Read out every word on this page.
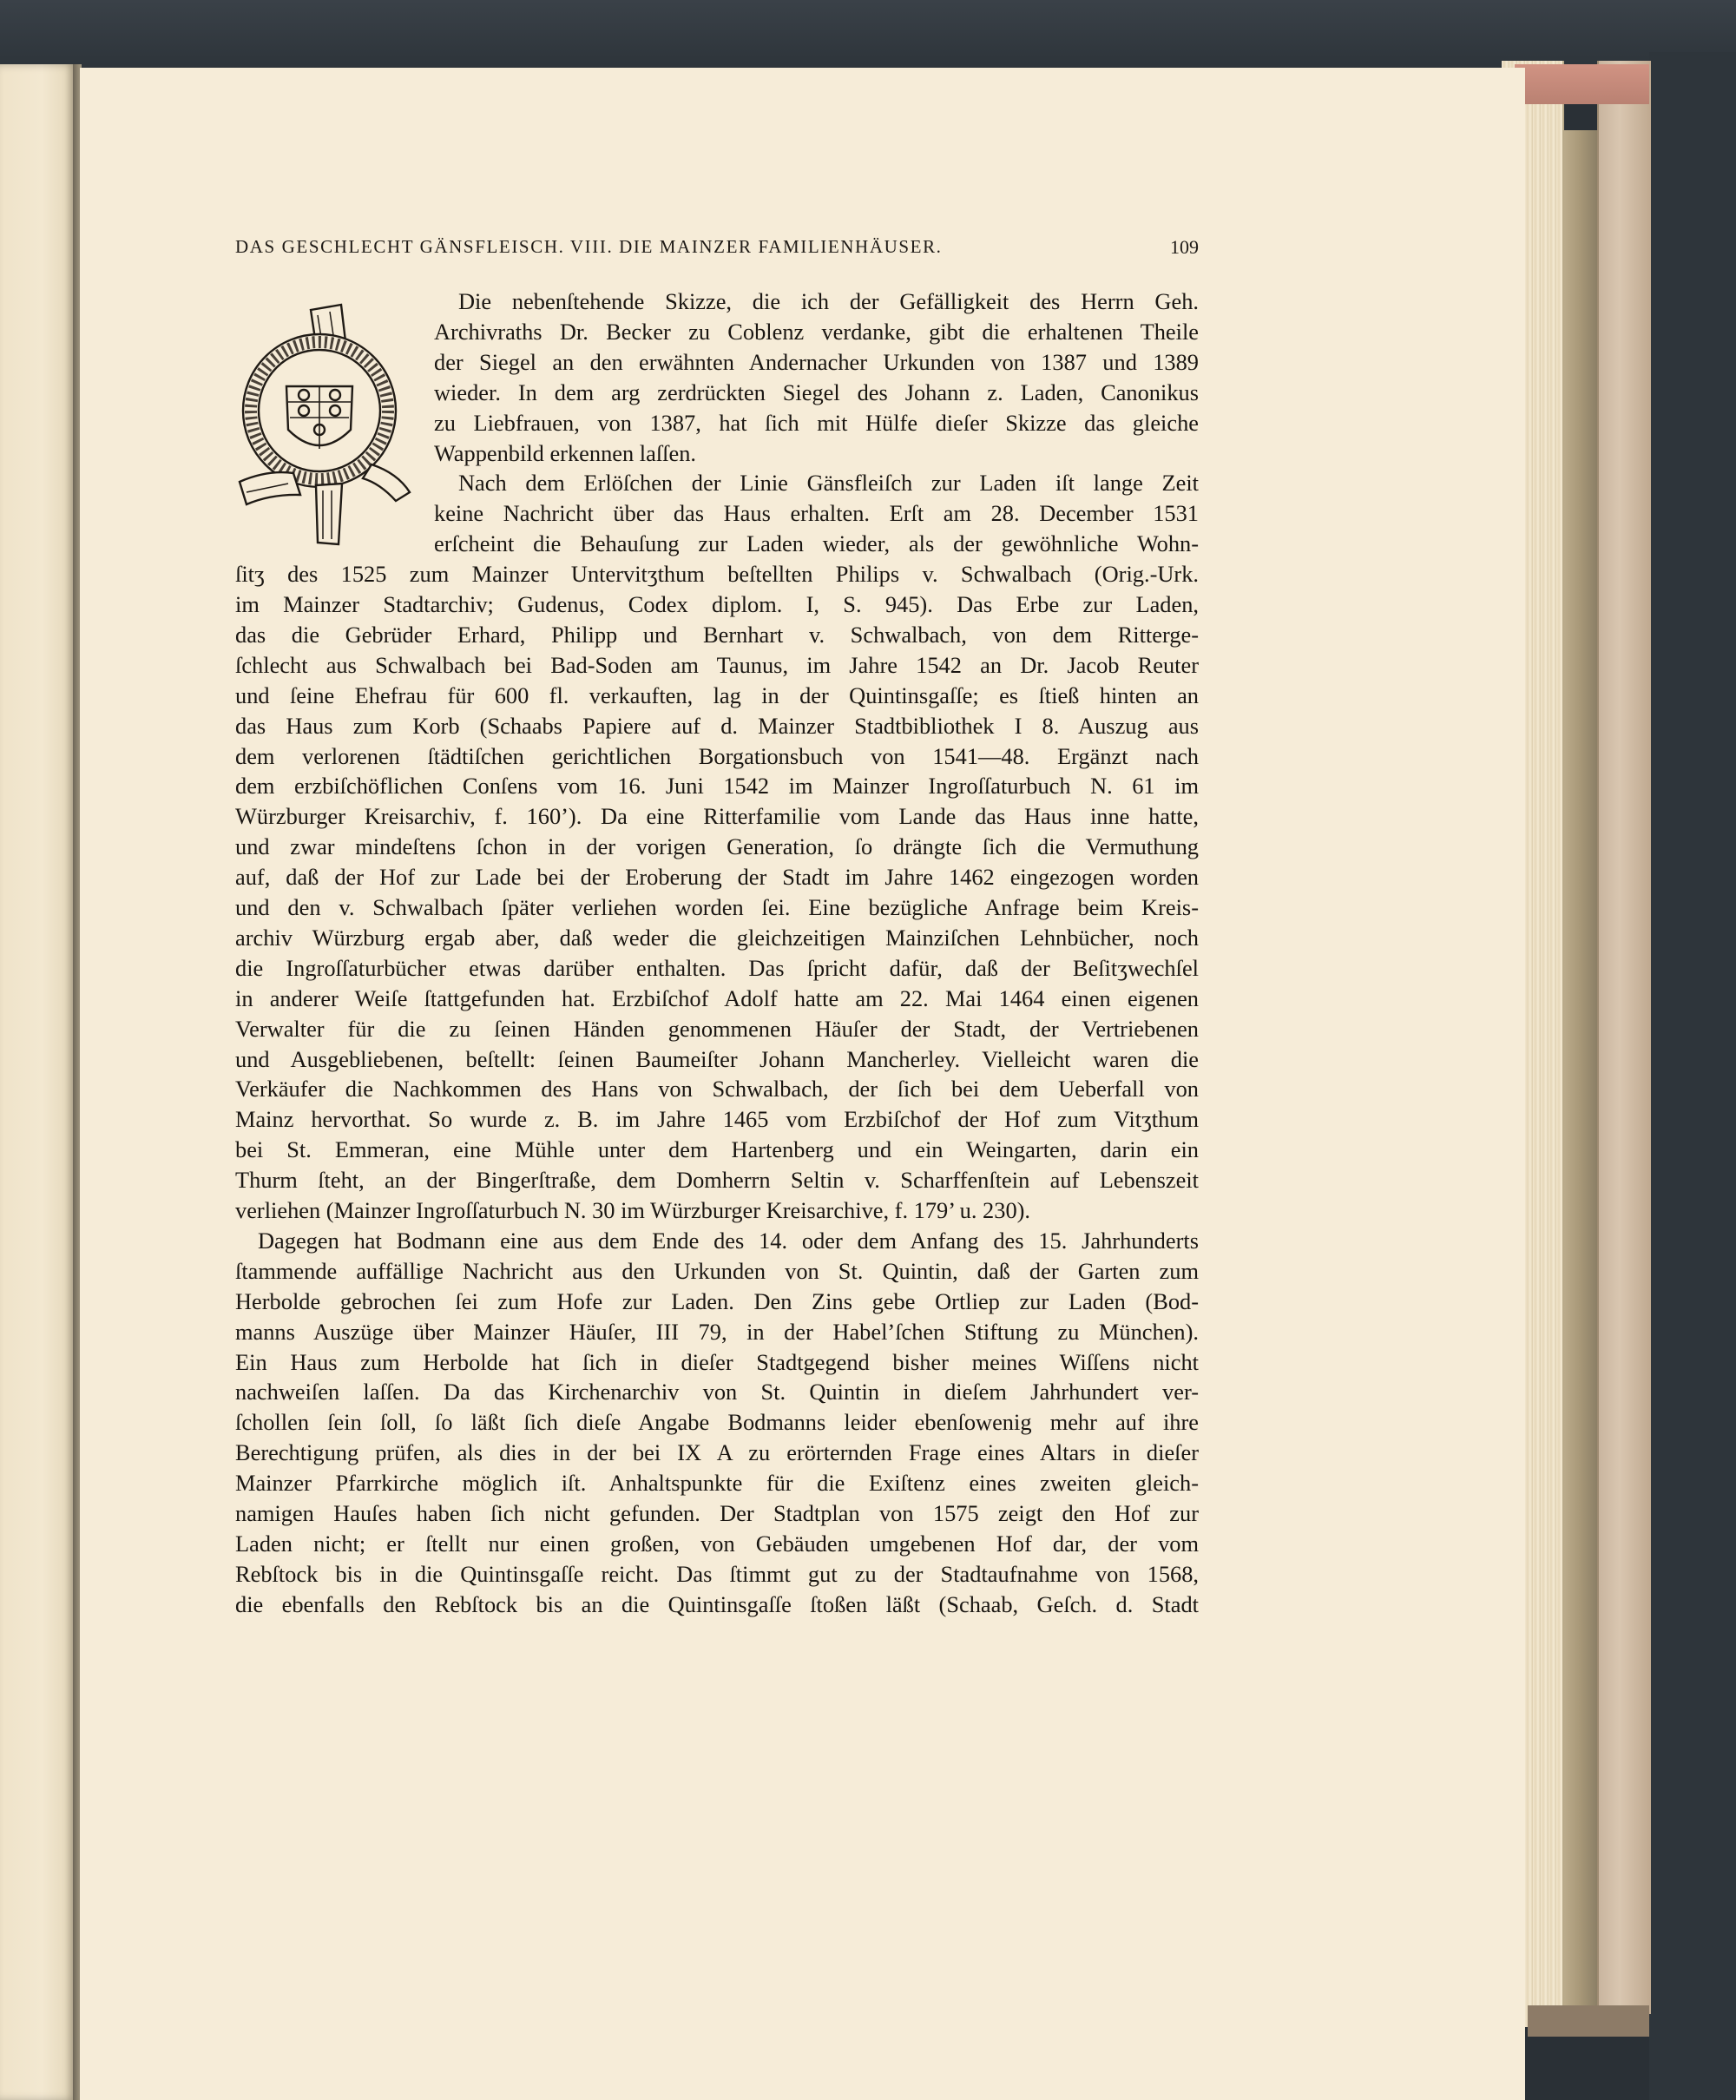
DAS GESCHLECHT GÄNSFLEISCH. VIII. DIE MAINZER FAMILIENHÄUSER.	109
Die nebenſtehende Skizze, die ich der Gefälligkeit des Herrn Geh.
Archivraths Dr. Becker zu Coblenz verdanke, gibt die erhaltenen Theile
der Siegel an den erwähnten Andernacher Urkunden von 1387 und 1389
wieder. In dem arg zerdrückten Siegel des Johann z. Laden, Canonikus
zu Liebfrauen, von 1387, hat ſich mit Hülfe dieſer Skizze das gleiche
Wappenbild erkennen laſſen.
Nach dem Erlöſchen der Linie Gänsfleiſch zur Laden iſt lange Zeit
keine Nachricht über das Haus erhalten. Erſt am 28. December 1531
erſcheint die Behauſung zur Laden wieder, als der gewöhnliche Wohn-
ſitʒ des 1525 zum Mainzer Untervitʒthum beſtellten Philips v. Schwalbach (Orig.-Urk.
im Mainzer Stadtarchiv; Gudenus, Codex diplom. I, S. 945). Das Erbe zur Laden,
das die Gebrüder Erhard, Philipp und Bernhart v. Schwalbach, von dem Ritterge-
ſchlecht aus Schwalbach bei Bad-Soden am Taunus, im Jahre 1542 an Dr. Jacob Reuter
und ſeine Ehefrau für 600 fl. verkauften, lag in der Quintinsgaſſe; es ſtieß hinten an
das Haus zum Korb (Schaabs Papiere auf d. Mainzer Stadtbibliothek I 8. Auszug aus
dem verlorenen ſtädtiſchen gerichtlichen Borgationsbuch von 1541—48. Ergänzt nach
dem erzbiſchöflichen Conſens vom 16. Juni 1542 im Mainzer Ingroſſaturbuch N. 61 im
Würzburger Kreisarchiv, f. 160’). Da eine Ritterfamilie vom Lande das Haus inne hatte,
und zwar mindeſtens ſchon in der vorigen Generation, ſo drängte ſich die Vermuthung
auf, daß der Hof zur Lade bei der Eroberung der Stadt im Jahre 1462 eingezogen worden
und den v. Schwalbach ſpäter verliehen worden ſei. Eine bezügliche Anfrage beim Kreis-
archiv Würzburg ergab aber, daß weder die gleichzeitigen Mainziſchen Lehnbücher, noch
die Ingroſſaturbücher etwas darüber enthalten. Das ſpricht dafür, daß der Beſitʒwechſel
in anderer Weiſe ſtattgefunden hat. Erzbiſchof Adolf hatte am 22. Mai 1464 einen eigenen
Verwalter für die zu ſeinen Händen genommenen Häuſer der Stadt, der Vertriebenen
und Ausgebliebenen, beſtellt: ſeinen Baumeiſter Johann Mancherley. Vielleicht waren die
Verkäufer die Nachkommen des Hans von Schwalbach, der ſich bei dem Ueberfall von
Mainz hervorthat. So wurde z. B. im Jahre 1465 vom Erzbiſchof der Hof zum Vitʒthum
bei St. Emmeran, eine Mühle unter dem Hartenberg und ein Weingarten, darin ein
Thurm ſteht, an der Bingerſtraße, dem Domherrn Seltin v. Scharffenſtein auf Lebenszeit
verliehen (Mainzer Ingroſſaturbuch N. 30 im Würzburger Kreisarchive, f. 179’ u. 230).
Dagegen hat Bodmann eine aus dem Ende des 14. oder dem Anfang des 15. Jahrhunderts
ſtammende auffällige Nachricht aus den Urkunden von St. Quintin, daß der Garten zum
Herbolde gebrochen ſei zum Hofe zur Laden. Den Zins gebe Ortliep zur Laden (Bod-
manns Auszüge über Mainzer Häuſer, III 79, in der Habel’ſchen Stiftung zu München).
Ein Haus zum Herbolde hat ſich in dieſer Stadtgegend bisher meines Wiſſens nicht
nachweiſen laſſen. Da das Kirchenarchiv von St. Quintin in dieſem Jahrhundert ver-
ſchollen ſein ſoll, ſo läßt ſich dieſe Angabe Bodmanns leider ebenſowenig mehr auf ihre
Berechtigung prüfen, als dies in der bei IX A zu erörternden Frage eines Altars in dieſer
Mainzer Pfarrkirche möglich iſt. Anhaltspunkte für die Exiſtenz eines zweiten gleich-
namigen Hauſes haben ſich nicht gefunden. Der Stadtplan von 1575 zeigt den Hof zur
Laden nicht; er ſtellt nur einen großen, von Gebäuden umgebenen Hof dar, der vom
Rebſtock bis in die Quintinsgaſſe reicht. Das ſtimmt gut zu der Stadtaufnahme von 1568,
die ebenfalls den Rebſtock bis an die Quintinsgaſſe ſtoßen läßt (Schaab, Geſch. d. Stadt
